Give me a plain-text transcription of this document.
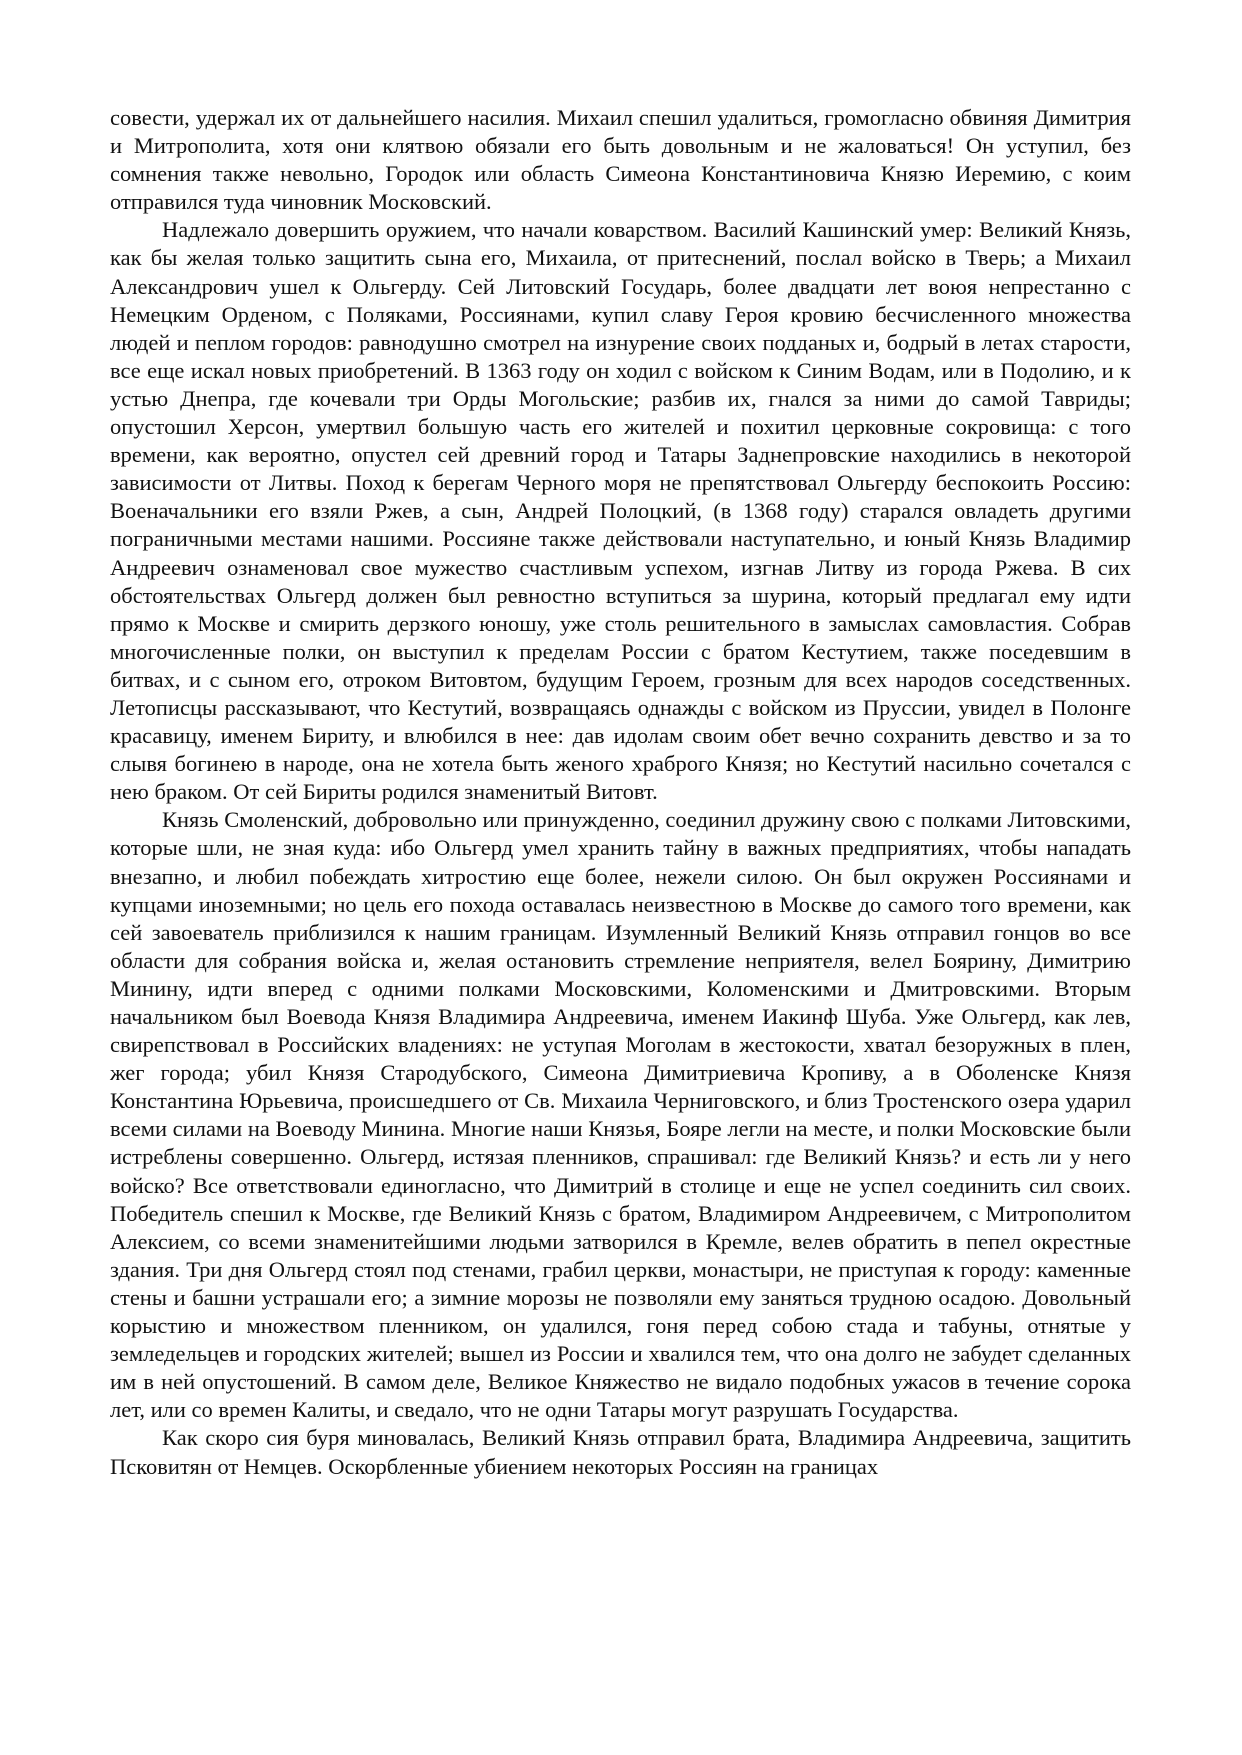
совести, удержал их от дальнейшего насилия. Михаил спешил удалиться, громогласно обвиняя Димитрия и Митрополита, хотя они клятвою обязали его быть довольным и не жаловаться! Он уступил, без сомнения также невольно, Городок или область Симеона Константиновича Князю Иеремию, с коим отправился туда чиновник Московский.

Надлежало довершить оружием, что начали коварством. Василий Кашинский умер: Великий Князь, как бы желая только защитить сына его, Михаила, от притеснений, послал войско в Тверь; а Михаил Александрович ушел к Ольгерду. Сей Литовский Государь, более двадцати лет воюя непрестанно с Немецким Орденом, с Поляками, Россиянами, купил славу Героя кровию бесчисленного множества людей и пеплом городов: равнодушно смотрел на изнурение своих подданых и, бодрый в летах старости, все еще искал новых приобретений. В 1363 году он ходил с войском к Синим Водам, или в Подолию, и к устью Днепра, где кочевали три Орды Могольские; разбив их, гнался за ними до самой Тавриды; опустошил Херсон, умертвил большую часть его жителей и похитил церковные сокровища: с того времени, как вероятно, опустел сей древний город и Татары Заднепровские находились в некоторой зависимости от Литвы. Поход к берегам Черного моря не препятствовал Ольгерду беспокоить Россию: Военачальники его взяли Ржев, а сын, Андрей Полоцкий, (в 1368 году) старался овладеть другими пограничными местами нашими. Россияне также действовали наступательно, и юный Князь Владимир Андреевич ознаменовал свое мужество счастливым успехом, изгнав Литву из города Ржева. В сих обстоятельствах Ольгерд должен был ревностно вступиться за шурина, который предлагал ему идти прямо к Москве и смирить дерзкого юношу, уже столь решительного в замыслах самовластия. Собрав многочисленные полки, он выступил к пределам России с братом Кестутием, также поседевшим в битвах, и с сыном его, отроком Витовтом, будущим Героем, грозным для всех народов соседственных. Летописцы рассказывают, что Кестутий, возвращаясь однажды с войском из Пруссии, увидел в Полонге красавицу, именем Бириту, и влюбился в нее: дав идолам своим обет вечно сохранить девство и за то слывя богинею в народе, она не хотела быть женого храброго Князя; но Кестутий насильно сочетался с нею браком. От сей Бириты родился знаменитый Витовт.

Князь Смоленский, добровольно или принужденно, соединил дружину свою с полками Литовскими, которые шли, не зная куда: ибо Ольгерд умел хранить тайну в важных предприятиях, чтобы нападать внезапно, и любил побеждать хитростию еще более, нежели силою. Он был окружен Россиянами и купцами иноземными; но цель его похода оставалась неизвестною в Москве до самого того времени, как сей завоеватель приблизился к нашим границам. Изумленный Великий Князь отправил гонцов во все области для собрания войска и, желая остановить стремление неприятеля, велел Боярину, Димитрию Минину, идти вперед с одними полками Московскими, Коломенскими и Дмитровскими. Вторым начальником был Воевода Князя Владимира Андреевича, именем Иакинф Шуба. Уже Ольгерд, как лев, свирепствовал в Российских владениях: не уступая Моголам в жестокости, хватал безоружных в плен, жег города; убил Князя Стародубского, Симеона Димитриевича Кропиву, а в Оболенске Князя Константина Юрьевича, происшедшего от Св. Михаила Черниговского, и близ Тростенского озера ударил всеми силами на Воеводу Минина. Многие наши Князья, Бояре легли на месте, и полки Московские были истреблены совершенно. Ольгерд, истязая пленников, спрашивал: где Великий Князь? и есть ли у него войско? Все ответствовали единогласно, что Димитрий в столице и еще не успел соединить сил своих. Победитель спешил к Москве, где Великий Князь с братом, Владимиром Андреевичем, с Митрополитом Алексием, со всеми знаменитейшими людьми затворился в Кремле, велев обратить в пепел окрестные здания. Три дня Ольгерд стоял под стенами, грабил церкви, монастыри, не приступая к городу: каменные стены и башни устрашали его; а зимние морозы не позволяли ему заняться трудною осадою. Довольный корыстию и множеством пленником, он удалился, гоня перед собою стада и табуны, отнятые у земледельцев и городских жителей; вышел из России и хвалился тем, что она долго не забудет сделанных им в ней опустошений. В самом деле, Великое Княжество не видало подобных ужасов в течение сорока лет, или со времен Калиты, и сведало, что не одни Татары могут разрушать Государства.

Как скоро сия буря миновалась, Великий Князь отправил брата, Владимира Андреевича, защитить Псковитян от Немцев. Оскорбленные убиением некоторых Россиян на границах
